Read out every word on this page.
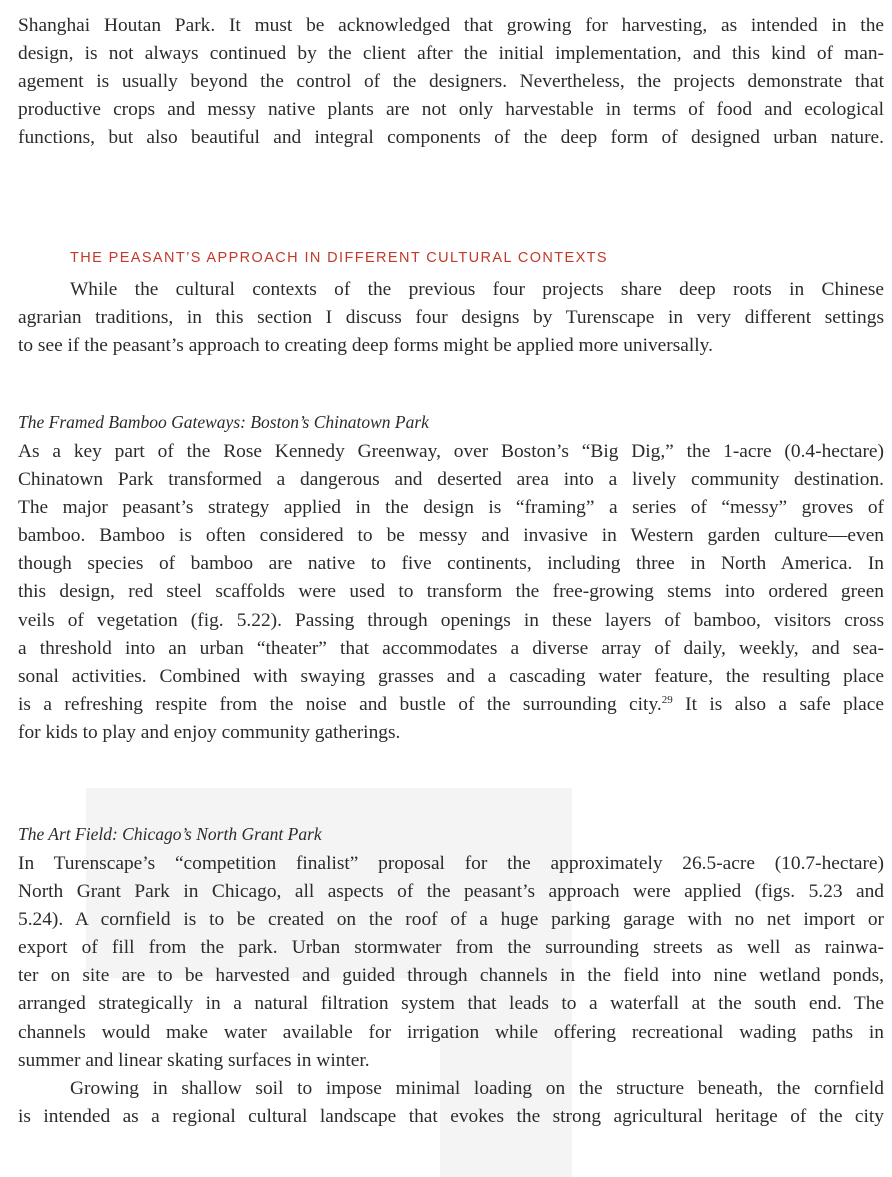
Shanghai Houtan Park. It must be acknowledged that growing for harvesting, as intended in the
design, is not always continued by the client after the initial implementation, and this kind of man-
agement is usually beyond the control of the designers. Nevertheless, the projects demonstrate that
productive crops and messy native plants are not only harvestable in terms of food and ecological
functions, but also beautiful and integral components of the deep form of designed urban nature.
THE PEASANT’S APPROACH IN DIFFERENT CULTURAL CONTEXTS
While the cultural contexts of the previous four projects share deep roots in Chinese
agrarian traditions, in this section I discuss four designs by Turenscape in very different settings
to see if the peasant’s approach to creating deep forms might be applied more universally.
The Framed Bamboo Gateways: Boston’s Chinatown Park
As a key part of the Rose Kennedy Greenway, over Boston’s “Big Dig,” the 1-acre (0.4-hectare)
Chinatown Park transformed a dangerous and deserted area into a lively community destination.
The major peasant’s strategy applied in the design is “framing” a series of “messy” groves of
bamboo. Bamboo is often considered to be messy and invasive in Western garden culture—even
though species of bamboo are native to five continents, including three in North America. In
this design, red steel scaffolds were used to transform the free-growing stems into ordered green
veils of vegetation (fig. 5.22). Passing through openings in these layers of bamboo, visitors cross
a threshold into an urban “theater” that accommodates a diverse array of daily, weekly, and sea-
sonal activities. Combined with swaying grasses and a cascading water feature, the resulting place
is a refreshing respite from the noise and bustle of the surrounding city.$^{29}$ It is also a safe place
for kids to play and enjoy community gatherings.
The Art Field: Chicago’s North Grant Park
In Turenscape’s “competition finalist” proposal for the approximately 26.5-acre (10.7-hectare)
North Grant Park in Chicago, all aspects of the peasant’s approach were applied (figs. 5.23 and
5.24). A cornfield is to be created on the roof of a huge parking garage with no net import or
export of fill from the park. Urban stormwater from the surrounding streets as well as rainwa-
ter on site are to be harvested and guided through channels in the field into nine wetland ponds,
arranged strategically in a natural filtration system that leads to a waterfall at the south end. The
channels would make water available for irrigation while offering recreational wading paths in
summer and linear skating surfaces in winter.
Growing in shallow soil to impose minimal loading on the structure beneath, the cornfield
is intended as a regional cultural landscape that evokes the strong agricultural heritage of the city
